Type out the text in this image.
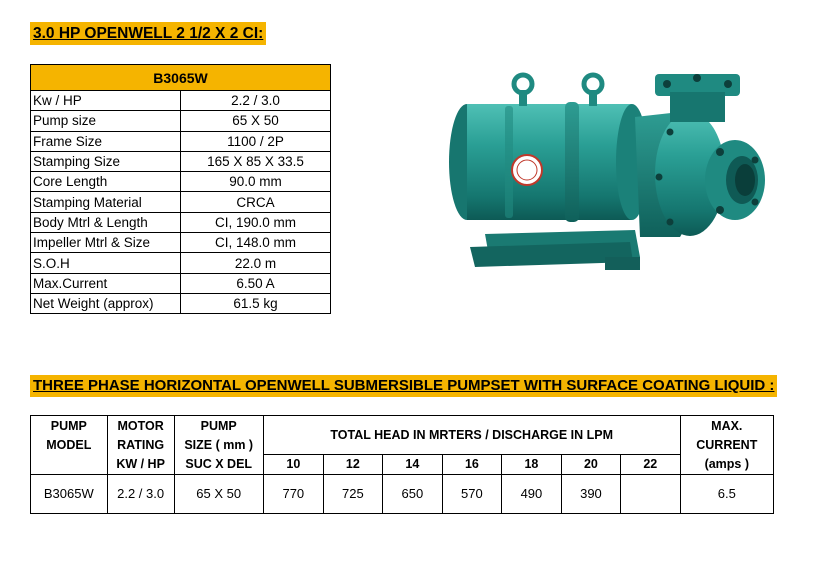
3.0 HP OPENWELL 2 1/2 X 2 CI:
B3065W	
Kw / HP	2.2 / 3.0
Pump size	65 X 50
Frame Size	1100 / 2P
Stamping Size	165 X 85 X 33.5
Core Length	90.0 mm
Stamping Material	CRCA
Body Mtrl & Length	CI, 190.0 mm
Impeller Mtrl & Size	CI, 148.0 mm
S.O.H	22.0 m
Max.Current	6.50 A
Net Weight (approx)	61.5 kg
THREE PHASE HORIZONTAL OPENWELL SUBMERSIBLE PUMPSET WITH SURFACE COATING LIQUID :
PUMP	MOTOR	PUMP	TOTAL HEAD IN MRTERS / DISCHARGE IN LPM							MAX.
MODEL	RATING	SIZE ( mm )								CURRENT
	KW / HP	SUC X DEL	10	12	14	16	18	20	22	(amps )
B3065W	2.2 / 3.0	65 X 50	770	725	650	570	490	390		6.5
